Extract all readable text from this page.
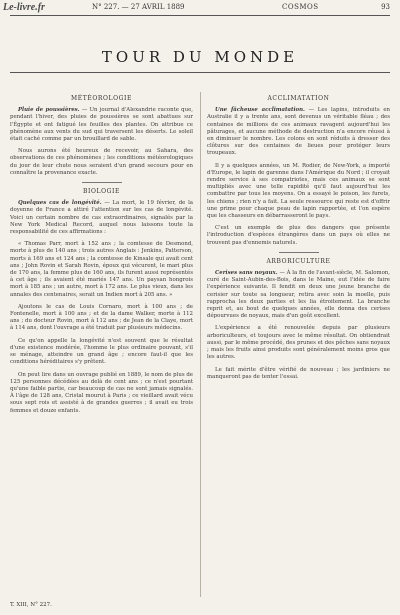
Le-livre.fr	N° 227. — 27 AVRIL 1889	COSMOS	93
TOUR DU MONDE
MÉTÉOROLOGIE

Pluie de poussières. — Un journal d'Alexandrie raconte que, pendant l'hiver, des pluies de poussières se sont abattues sur l'Égypte et ont fatigué les feuilles des plantes. On attribue ce phénomène aux vents du sud qui traversent les déserts. Le soleil était caché comme par un brouillard de sable.

Nous aurons été heureux de recevoir, au Sahara, des observations de ces phénomènes ; les conditions météorologiques du jour de leur chute nous seraient d'un grand secours pour en connaître la provenance exacte.

BIOLOGIE

Quelques cas de longévité. — La mort, le 19 février, de la doyenne de France a attiré l'attention sur les cas de longévité. Voici un certain nombre de cas extraordinaires, signalés par la New York Medical Record, auquel nous laissons toute la responsabilité de ces affirmations :

« Thomas Parr, mort à 152 ans ; la comtesse de Desmond, morte à plus de 140 ans ; trois autres Anglais : Jenkins, Patterson, morts à 169 ans et 124 ans ; la comtesse de Kinsale qui avait cent ans ; John Rovin et Sarah Rovin, époux qui vécurent, le mari plus de 170 ans, la femme plus de 160 ans, ils furent aussi représentés à cet âge ; ils avaient été mariés 147 ans. Un paysan hongrois mort à 185 ans ; un autre, mort à 172 ans. Le plus vieux, dans les annales des centenaires, serait un Indien mort à 205 ans. »

Ajoutons le cas de Louis Cornaro, mort à 100 ans ; de Fontenelle, mort à 100 ans ; et de la dame Walker, morte à 112 ans ; du docteur Rovin, mort à 112 ans ; de Jean de la Claye, mort à 114 ans, dont l'ouvrage a été traduit par plusieurs médecins.

Ce qu'on appelle la longévité n'est souvent que le résultat d'une existence modérée, l'homme le plus ordinaire pouvant, s'il se ménage, atteindre un grand âge ; encore faut-il que les conditions héréditaires s'y prêtent.

On peut lire dans un ouvrage publié en 1889, le nom de plus de 125 personnes décédées au delà de cent ans ; ce n'est pourtant qu'une faible partie, car beaucoup de cas ne sont jamais signalés. À l'âge de 128 ans, Cristal mourut à Paris ; ce vieillard avait vécu sous sept rois et assisté à de grandes guerres ; il avait eu trois femmes et douze enfants.

ACCLIMATATION

Une fâcheuse acclimatation. — Les lapins, introduits en Australie il y a trente ans, sont devenus un véritable fléau ; des centaines de millions de ces animaux ravagent aujourd'hui les pâturages, et aucune méthode de destruction n'a encore réussi à en diminuer le nombre. Les colons en sont réduits à dresser des clôtures sur des centaines de lieues pour protéger leurs troupeaux.

Il y a quelques années, un M. Rodier, de New-York, a importé d'Europe, le lapin de garenne dans l'Amérique du Nord ; il croyait rendre service à ses compatriotes, mais ces animaux se sont multipliés avec une telle rapidité qu'il faut aujourd'hui les combattre par tous les moyens. On a essayé le poison, les furets, les chiens ; rien n'y a fait. La seule ressource qui reste est d'offrir une prime pour chaque peau de lapin rapportée, et l'on espère que les chasseurs en débarrasseront le pays.

C'est un exemple de plus des dangers que présente l'introduction d'espèces étrangères dans un pays où elles ne trouvent pas d'ennemis naturels.

ARBORICULTURE

Cerises sans noyaux. — À la fin de l'avant-siècle, M. Salomon, curé de Saint-Aubin-des-Bois, dans le Maine, eut l'idée de faire l'expérience suivante. Il fendit en deux une jeune branche de cerisier sur toute sa longueur, retira avec soin la moelle, puis rapprocha les deux parties et les lia étroitement. La branche reprit et, au bout de quelques années, elle donna des cerises dépourvues de noyaux, mais d'un goût excellent.

L'expérience a été renouvelée depuis par plusieurs arboriculteurs, et toujours avec le même résultat. On obtiendrait aussi, par le même procédé, des prunes et des pêches sans noyaux ; mais les fruits ainsi produits sont généralement moins gros que les autres.

Le fait mérite d'être vérifié de nouveau ; les jardiniers ne manqueront pas de tenter l'essai.

T. XIII, N° 227.
